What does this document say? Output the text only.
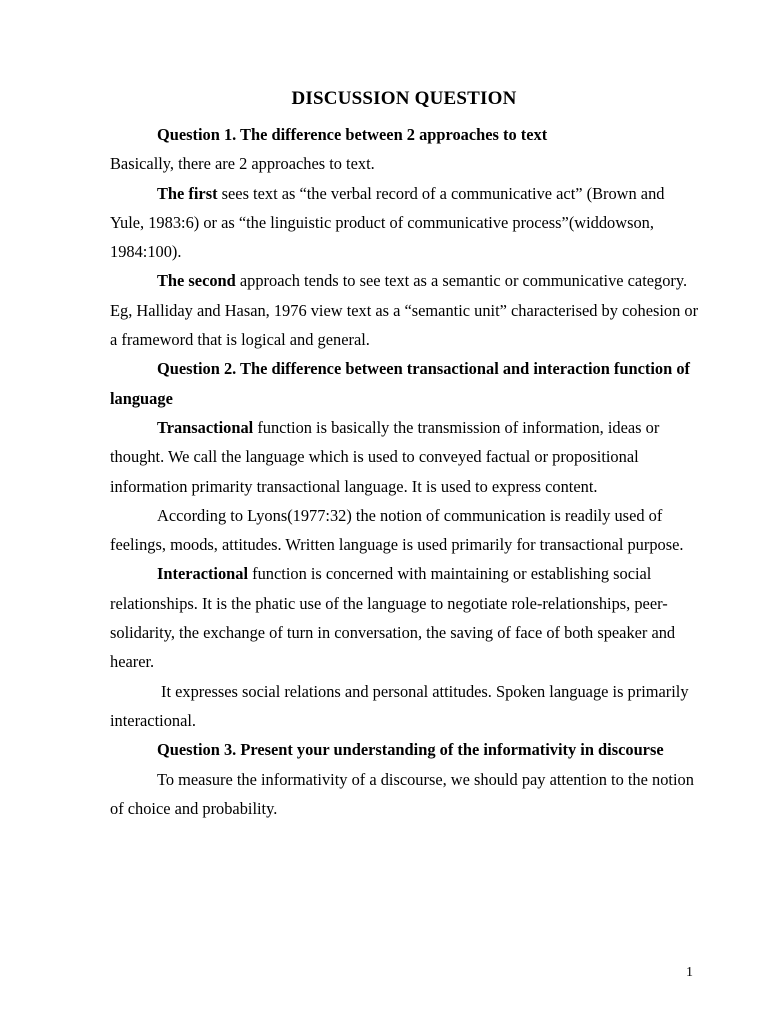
DISCUSSION QUESTION

Question 1. The difference between 2 approaches to text

Basically, there are 2 approaches to text.

The first sees text as “the verbal record of a communicative act” (Brown and Yule, 1983:6) or as “the linguistic product of communicative process”(widdowson, 1984:100).

The second approach tends to see text as a semantic or communicative category. Eg, Halliday and Hasan, 1976 view text as a “semantic unit” characterised by cohesion or a frameword that is logical and general.

Question 2. The difference between transactional and interaction function of language

Transactional function is basically the transmission of information, ideas or thought. We call the language which is used to conveyed factual or propositional information primarity transactional language. It is used to express content.

According to Lyons(1977:32) the notion of communication is readily used of feelings, moods, attitudes. Written language is used primarily for transactional purpose.

Interactional function is concerned with maintaining or establishing social relationships. It is the phatic use of the language to negotiate role-relationships, peer-solidarity, the exchange of turn in conversation, the saving of face of both speaker and hearer.

It expresses social relations and personal attitudes. Spoken language is primarily interactional.

Question 3. Present your understanding of the informativity in discourse

To measure the informativity of a discourse, we should pay attention to the notion of choice and probability.

1
